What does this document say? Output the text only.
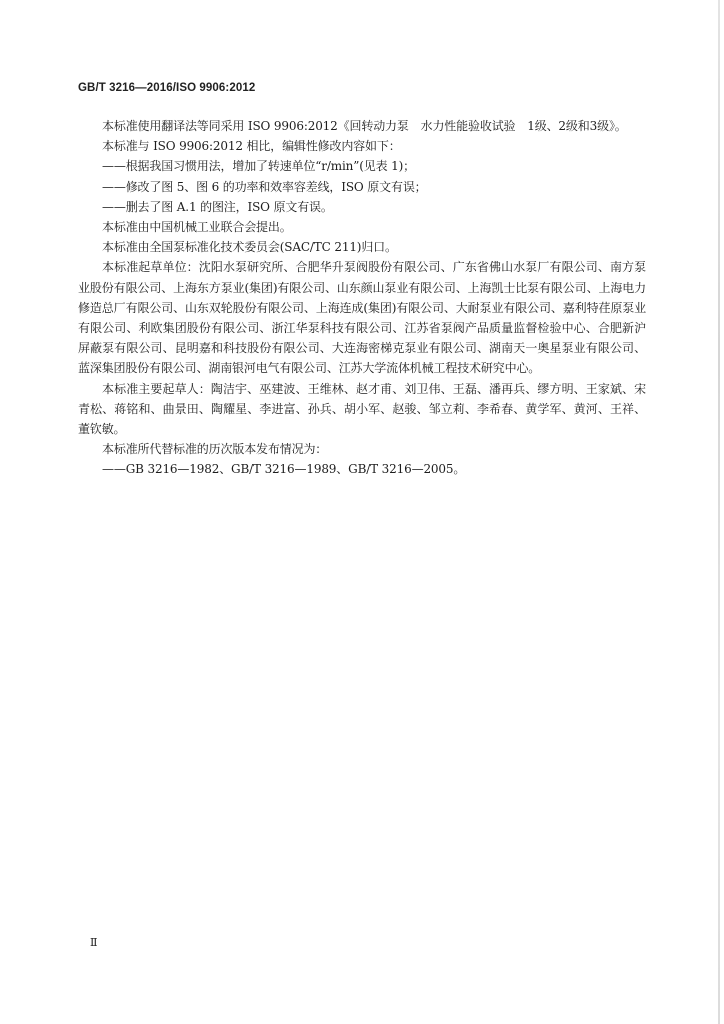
GB/T 3216—2016/ISO 9906:2012

本标准使用翻译法等同采用 ISO 9906:2012《回转动力泵　水力性能验收试验　1级、2级和3级》。

本标准与 ISO 9906:2012 相比，编辑性修改内容如下：

——根据我国习惯用法，增加了转速单位“r/min”(见表 1)；

——修改了图 5、图 6 的功率和效率容差线，ISO 原文有误；

——删去了图 A.1 的图注，ISO 原文有误。

本标准由中国机械工业联合会提出。

本标准由全国泵标准化技术委员会(SAC/TC 211)归口。

本标准起草单位：沈阳水泵研究所、合肥华升泵阀股份有限公司、广东省佛山水泵厂有限公司、南方泵业股份有限公司、上海东方泵业(集团)有限公司、山东颜山泵业有限公司、上海凯士比泵有限公司、上海电力修造总厂有限公司、山东双轮股份有限公司、上海连成(集团)有限公司、大耐泵业有限公司、嘉利特荏原泵业有限公司、利欧集团股份有限公司、浙江华泵科技有限公司、江苏省泵阀产品质量监督检验中心、合肥新沪屏蔽泵有限公司、昆明嘉和科技股份有限公司、大连海密梯克泵业有限公司、湖南天一奥星泵业有限公司、蓝深集团股份有限公司、湖南银河电气有限公司、江苏大学流体机械工程技术研究中心。

本标准主要起草人：陶洁宇、巫建波、王维林、赵才甫、刘卫伟、王磊、潘再兵、缪方明、王家斌、宋青松、蒋铭和、曲景田、陶耀星、李进富、孙兵、胡小军、赵骏、邹立莉、李希春、黄学军、黄河、王祥、董钦敏。

本标准所代替标准的历次版本发布情况为：

——GB 3216—1982、GB/T 3216—1989、GB/T 3216—2005。

Ⅱ
